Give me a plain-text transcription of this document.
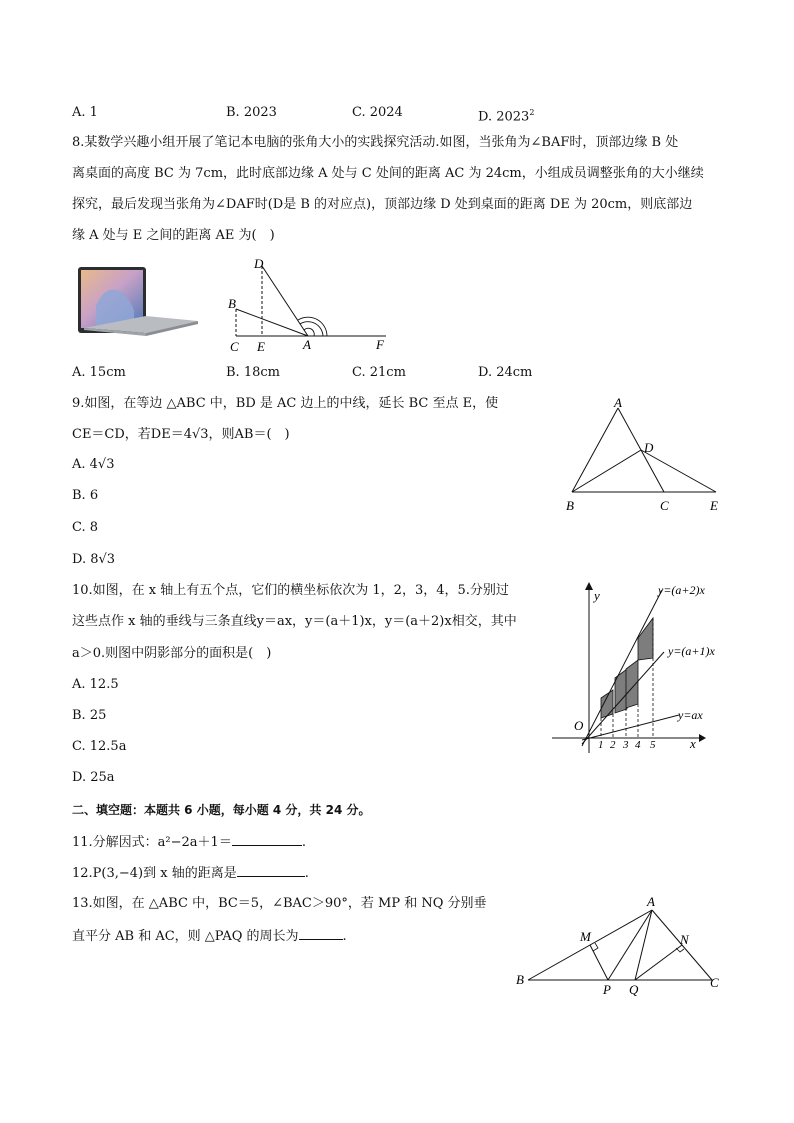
A. 1	B. 2023	C. 2024	D. 2023$^2$
8.某数学兴趣小组开展了笔记本电脑的张角大小的实践探究活动.如图，当张角为∠BAF时，顶部边缘 B 处
离桌面的高度 BC 为 7cm，此时底部边缘 A 处与 C 处间的距离 AC 为 24cm，小组成员调整张角的大小继续
探究，最后发现当张角为∠DAF时(D是 B 的对应点)，顶部边缘 D 处到桌面的距离 DE 为 20cm，则底部边
缘 A 处与 E 之间的距离 AE 为(　)
D
B
C E	A	F
A. 15cm	B. 18cm	C. 21cm	D. 24cm
9.如图，在等边 △ABC 中，BD 是 AC 边上的中线，延长 BC 至点 E，使
CE＝CD，若DE＝4√3，则AB＝(　)
A. 4√3
B. 6
C. 8
D. 8√3
A
D
B	C	E
10.如图，在 x 轴上有五个点，它们的横坐标依次为 1，2，3，4，5.分别过
这些点作 x 轴的垂线与三条直线y＝ax，y＝(a＋1)x，y＝(a＋2)x相交，其中
a＞0.则图中阴影部分的面积是(　)
A. 12.5
B. 25
C. 12.5a
D. 25a
y
x
O
y=(a+2)x
y=(a+1)x
y=ax
1 2 3 4 5
二、填空题：本题共 6 小题，每小题 4 分，共 24 分。
11.分解因式：a²−2a＋1＝	.
12.P(3,−4)到 x 轴的距离是	.
13.如图，在 △ABC 中，BC＝5，∠BAC＞90°，若 MP 和 NQ 分别垂
直平分 AB 和 AC，则 △PAQ 的周长为	.
A
M	N
B
P Q	C
